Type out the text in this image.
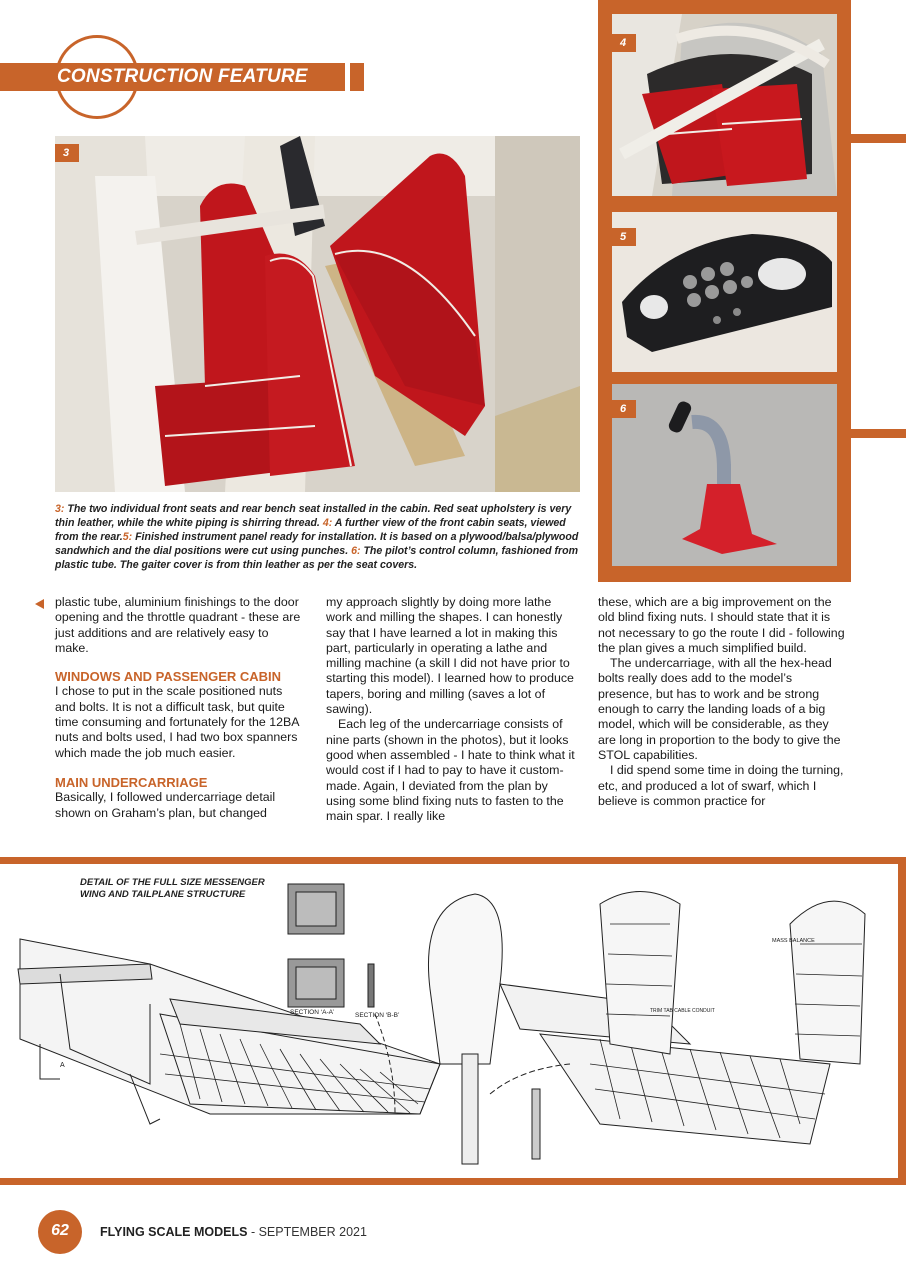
CONSTRUCTION FEATURE
3
4
5
6
3: The two individual front seats and rear bench seat installed in the cabin. Red seat upholstery is very thin leather, while the white piping is shirring thread. 4: A further view of the front cabin seats, viewed from the rear.5: Finished instrument panel ready for installation. It is based on a plywood/balsa/plywood sandwhich and the dial positions were cut using punches. 6: The pilot’s control column, fashioned from plastic tube. The gaiter cover is from thin leather as per the seat covers.

plastic tube, aluminium finishings to the door opening and the throttle quadrant - these are just additions and are relatively easy to make.

WINDOWS AND PASSENGER CABIN

I chose to put in the scale positioned nuts and bolts. It is not a difficult task, but quite time consuming and fortunately for the 12BA nuts and bolts used, I had two box spanners which made the job much easier.

MAIN UNDERCARRIAGE

Basically, I followed undercarriage detail shown on Graham’s plan, but changed

my approach slightly by doing more lathe work and milling the shapes. I can honestly say that I have learned a lot in making this part, particularly in operating a lathe and milling machine (a skill I did not have prior to starting this model). I learned how to produce tapers, boring and milling (saves a lot of sawing).

Each leg of the undercarriage consists of nine parts (shown in the photos), but it looks good when assembled - I hate to think what it would cost if I had to pay to have it custom-made. Again, I deviated from the plan by using some blind fixing nuts to fasten to the main spar. I really like

these, which are a big improvement on the old blind fixing nuts. I should state that it is not necessary to go the route I did - following the plan gives a much simplified build.

The undercarriage, with all the hex-head bolts really does add to the model’s presence, but has to work and be strong enough to carry the landing loads of a big model, which will be considerable, as they are long in proportion to the body to give the STOL capabilities.

I did spend some time in doing the turning, etc, and produced a lot of swarf, which I believe is common practice for

SECTION ‘A-A’	SECTION ‘B-B’
TRIM TAB CABLE CONDUIT
MASS BALANCE
A
DETAIL OF THE FULL SIZE MESSENGER
WING AND TAILPLANE STRUCTURE
62	FLYING SCALE MODELS - SEPTEMBER 2021
